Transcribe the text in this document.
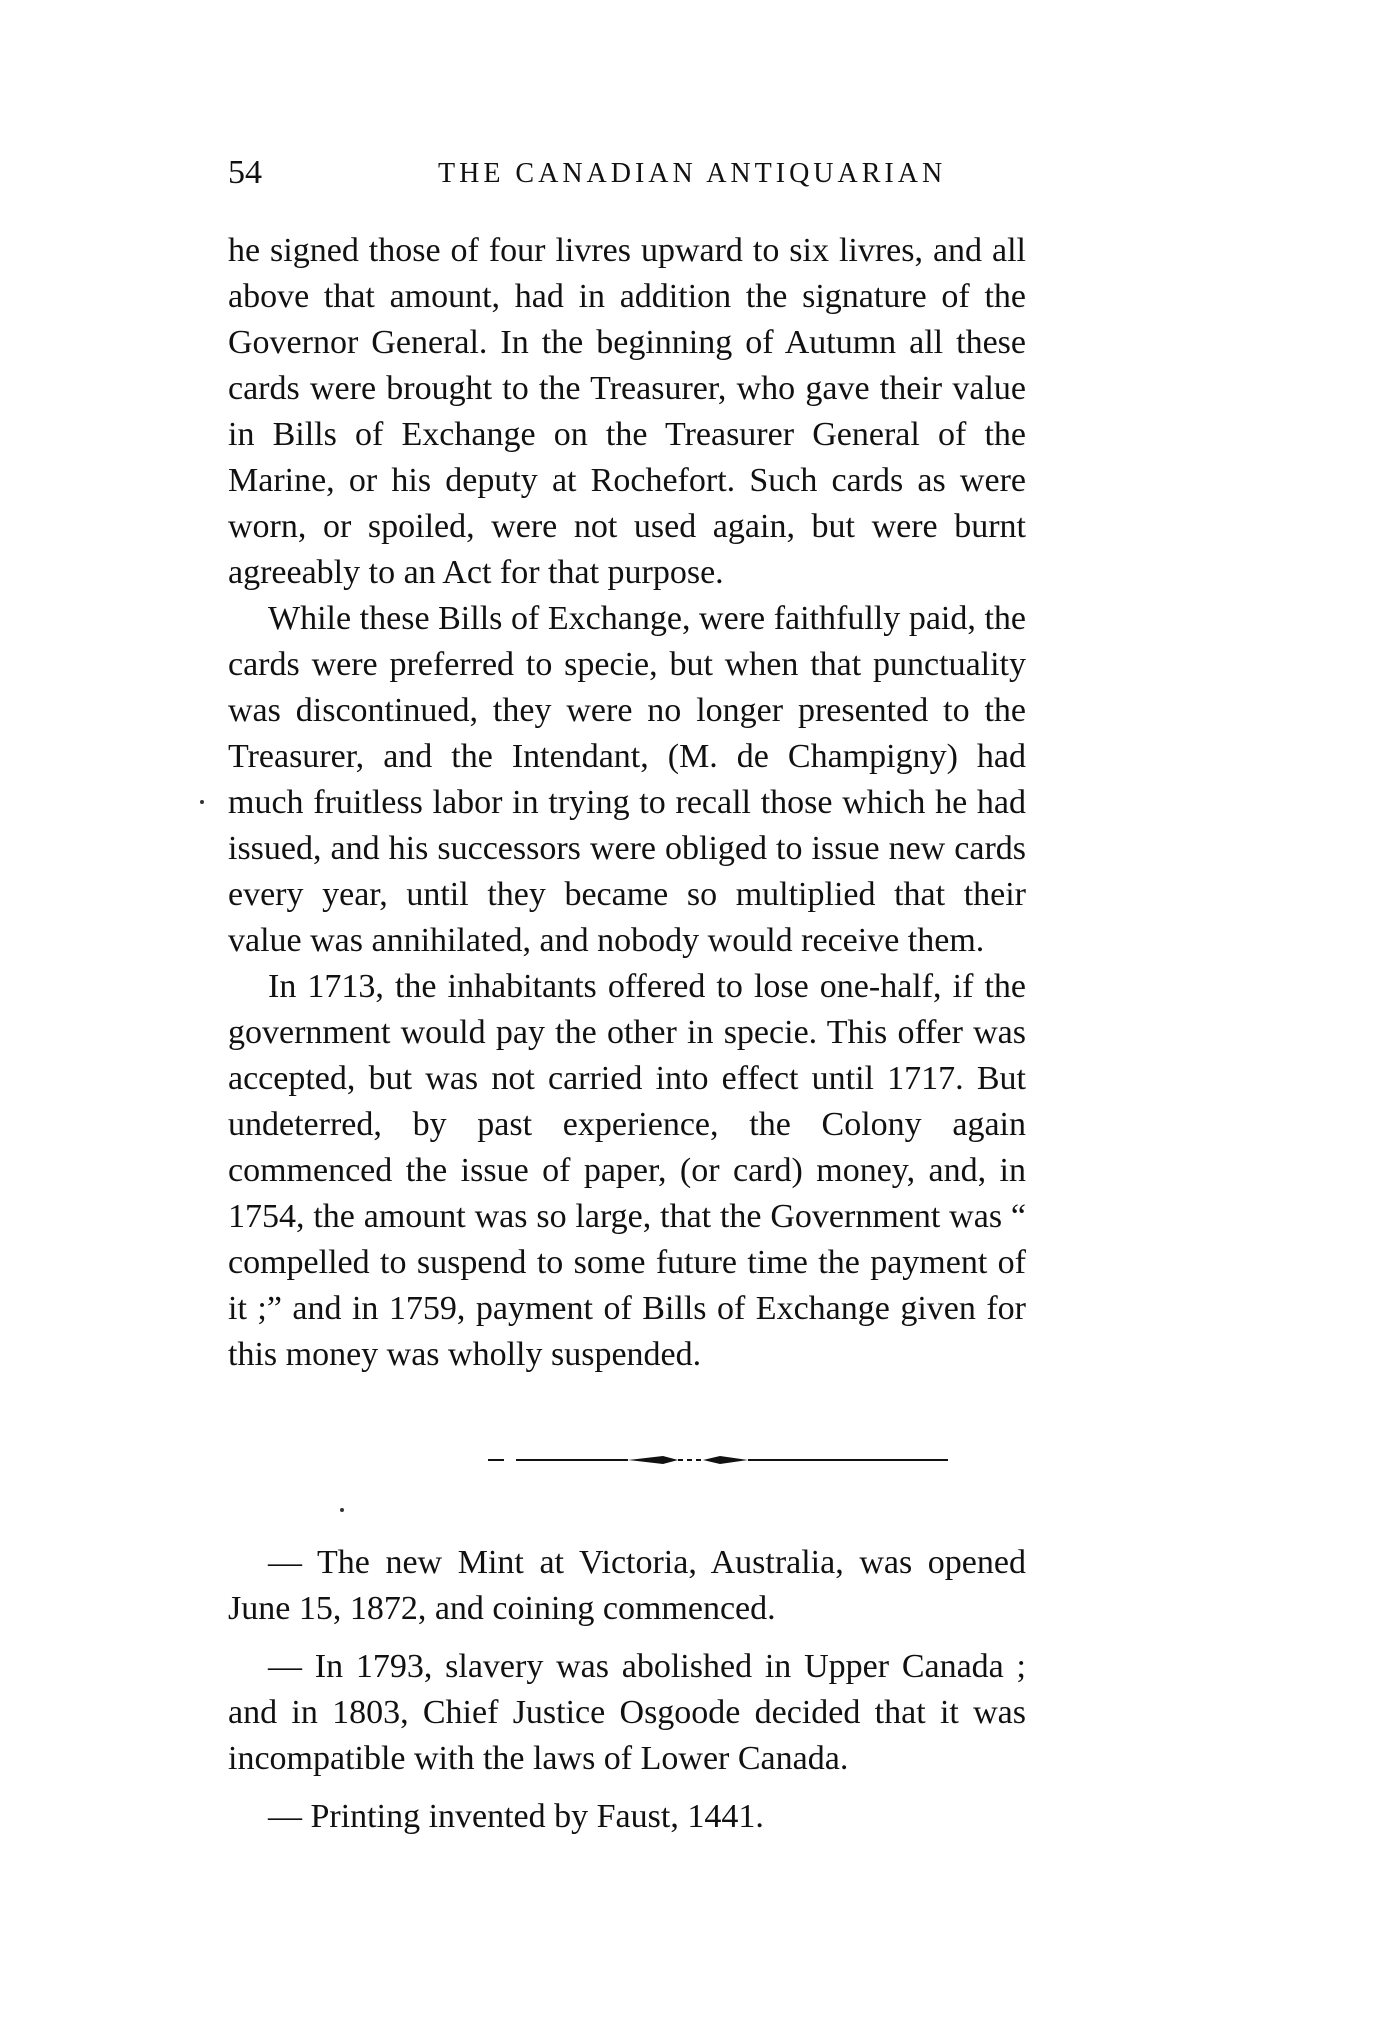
54	THE CANADIAN ANTIQUARIAN

he signed those of four livres upward to six livres, and all above that amount, had in addition the signature of the Governor General. In the beginning of Autumn all these cards were brought to the Treasurer, who gave their value in Bills of Exchange on the Treasurer General of the Marine, or his deputy at Rochefort. Such cards as were worn, or spoiled, were not used again, but were burnt agreeably to an Act for that purpose.

While these Bills of Exchange, were faithfully paid, the cards were preferred to specie, but when that punctuality was discontinued, they were no longer presented to the Treasurer, and the Intendant, (M. de Champigny) had much fruitless labor in trying to recall those which he had issued, and his successors were obliged to issue new cards every year, until they became so multiplied that their value was annihilated, and nobody would receive them.

In 1713, the inhabitants offered to lose one-half, if the government would pay the other in specie. This offer was accepted, but was not carried into effect until 1717. But undeterred, by past experience, the Colony again commenced the issue of paper, (or card) money, and, in 1754, the amount was so large, that the Government was “ compelled to suspend to some future time the payment of it ;” and in 1759, payment of Bills of Exchange given for this money was wholly suspended.

— The new Mint at Victoria, Australia, was opened June 15, 1872, and coining commenced.

— In 1793, slavery was abolished in Upper Canada ; and in 1803, Chief Justice Osgoode decided that it was incompatible with the laws of Lower Canada.

— Printing invented by Faust, 1441.
